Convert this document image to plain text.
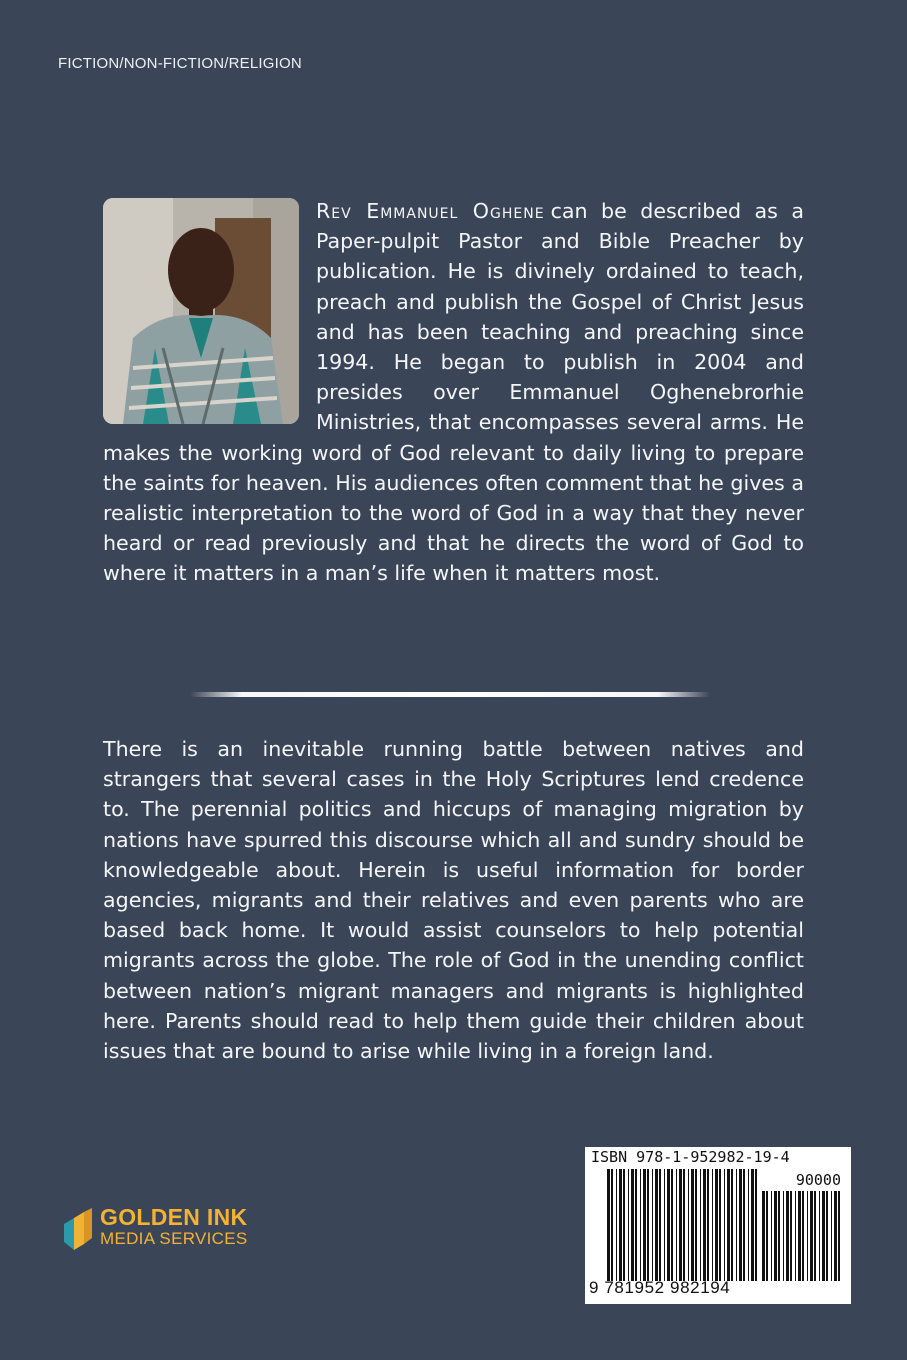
FICTION/NON-FICTION/RELIGION
Rev Emmanuel Oghene can be described as a Paper-pulpit Pastor and Bible Preacher by publication. He is divinely ordained to teach, preach and publish the Gospel of Christ Jesus and has been teaching and preaching since 1994. He began to publish in 2004 and presides over Emmanuel Oghenebrorhie Ministries, that encompasses several arms. He makes the working word of God relevant to daily living to prepare the saints for heaven. His audiences often comment that he gives a realistic interpretation to the word of God in a way that they never heard or read previously and that he directs the word of God to where it matters in a man’s life when it matters most.
There is an inevitable running battle between natives and strangers that several cases in the Holy Scriptures lend credence to. The perennial politics and hiccups of managing migration by nations have spurred this discourse which all and sundry should be knowledgeable about. Herein is useful information for border agencies, migrants and their relatives and even parents who are based back home. It would assist counselors to help potential migrants across the globe. The role of God in the unending conflict between nation’s migrant managers and migrants is highlighted here. Parents should read to help them guide their children about issues that are bound to arise while living in a foreign land.
GOLDEN INK
MEDIA SERVICES
ISBN 978-1-952982-19-4
90000
9 781952 982194
